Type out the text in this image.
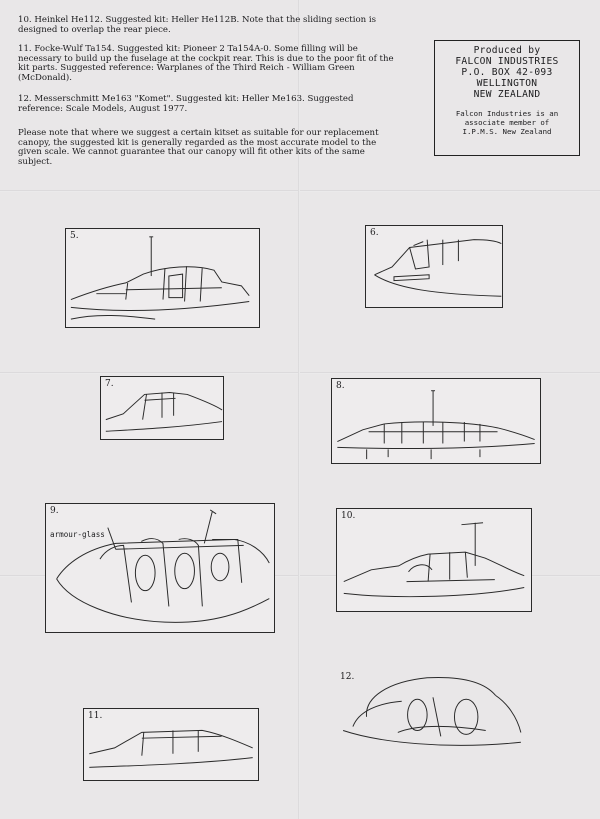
10. Heinkel He112. Suggested kit: Heller He112B. Note that the sliding section is designed to overlap the rear piece.

11. Focke-Wulf Ta154. Suggested kit: Pioneer 2 Ta154A-0. Some filling will be necessary to build up the fuselage at the cockpit rear. This is due to the poor fit of the kit parts. Suggested reference: Warplanes of the Third Reich - William Green (McDonald).

12. Messerschmitt Me163 "Komet". Suggested kit: Heller Me163. Suggested reference: Scale Models, August 1977.

Please note that where we suggest a certain kitset as suitable for our replacement canopy, the suggested kit is generally regarded as the most accurate model to the given scale. We cannot guarantee that our canopy will fit other kits of the same subject.

Produced by
FALCON INDUSTRIES
P.O. BOX 42-093
WELLINGTON
NEW ZEALAND
Falcon Industries is an
associate member of
I.P.M.S. New Zealand
5.	6.
7.	8.
9.
armour-glass
10.
11.
12.
